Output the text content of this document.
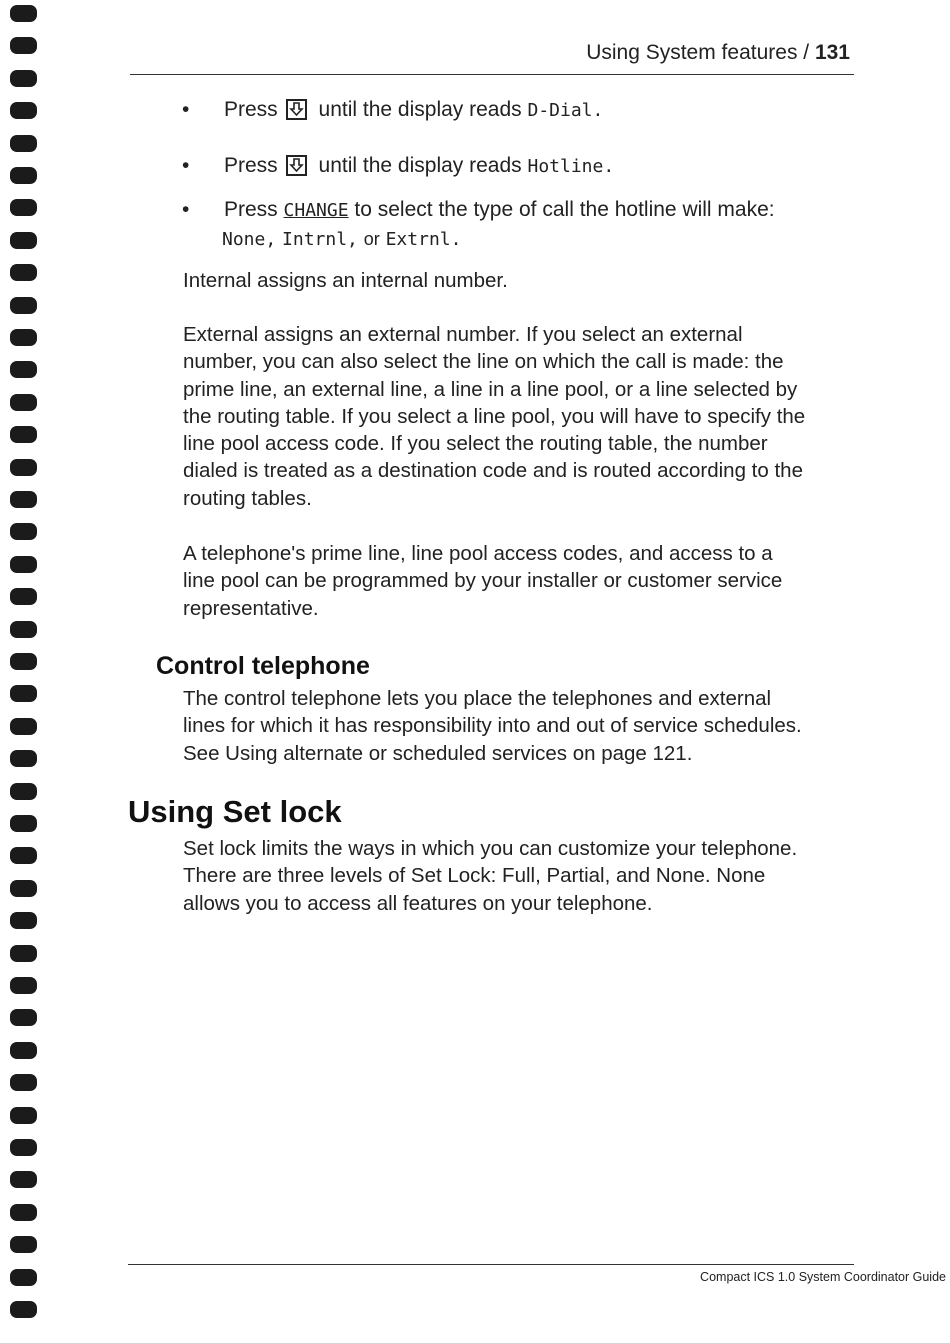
Using System features / 131
• Press until the display reads D-Dial.
• Press until the display reads Hotline.
• Press CHANGE to select the type of call the hotline will make:
None, Intrnl, or Extrnl.

Internal assigns an internal number.

External assigns an external number. If you select an external
number, you can also select the line on which the call is made: the
prime line, an external line, a line in a line pool, or a line selected by
the routing table. If you select a line pool, you will have to specify the
line pool access code. If you select the routing table, the number
dialed is treated as a destination code and is routed according to the
routing tables.
A telephone's prime line, line pool access codes, and access to a
line pool can be programmed by your installer or customer service
representative.
Control telephone
The control telephone lets you place the telephones and external
lines for which it has responsibility into and out of service schedules.
See Using alternate or scheduled services on page 121.
Using Set lock
Set lock limits the ways in which you can customize your telephone.
There are three levels of Set Lock: Full, Partial, and None. None
allows you to access all features on your telephone.
Compact ICS 1.0 System Coordinator Guide
